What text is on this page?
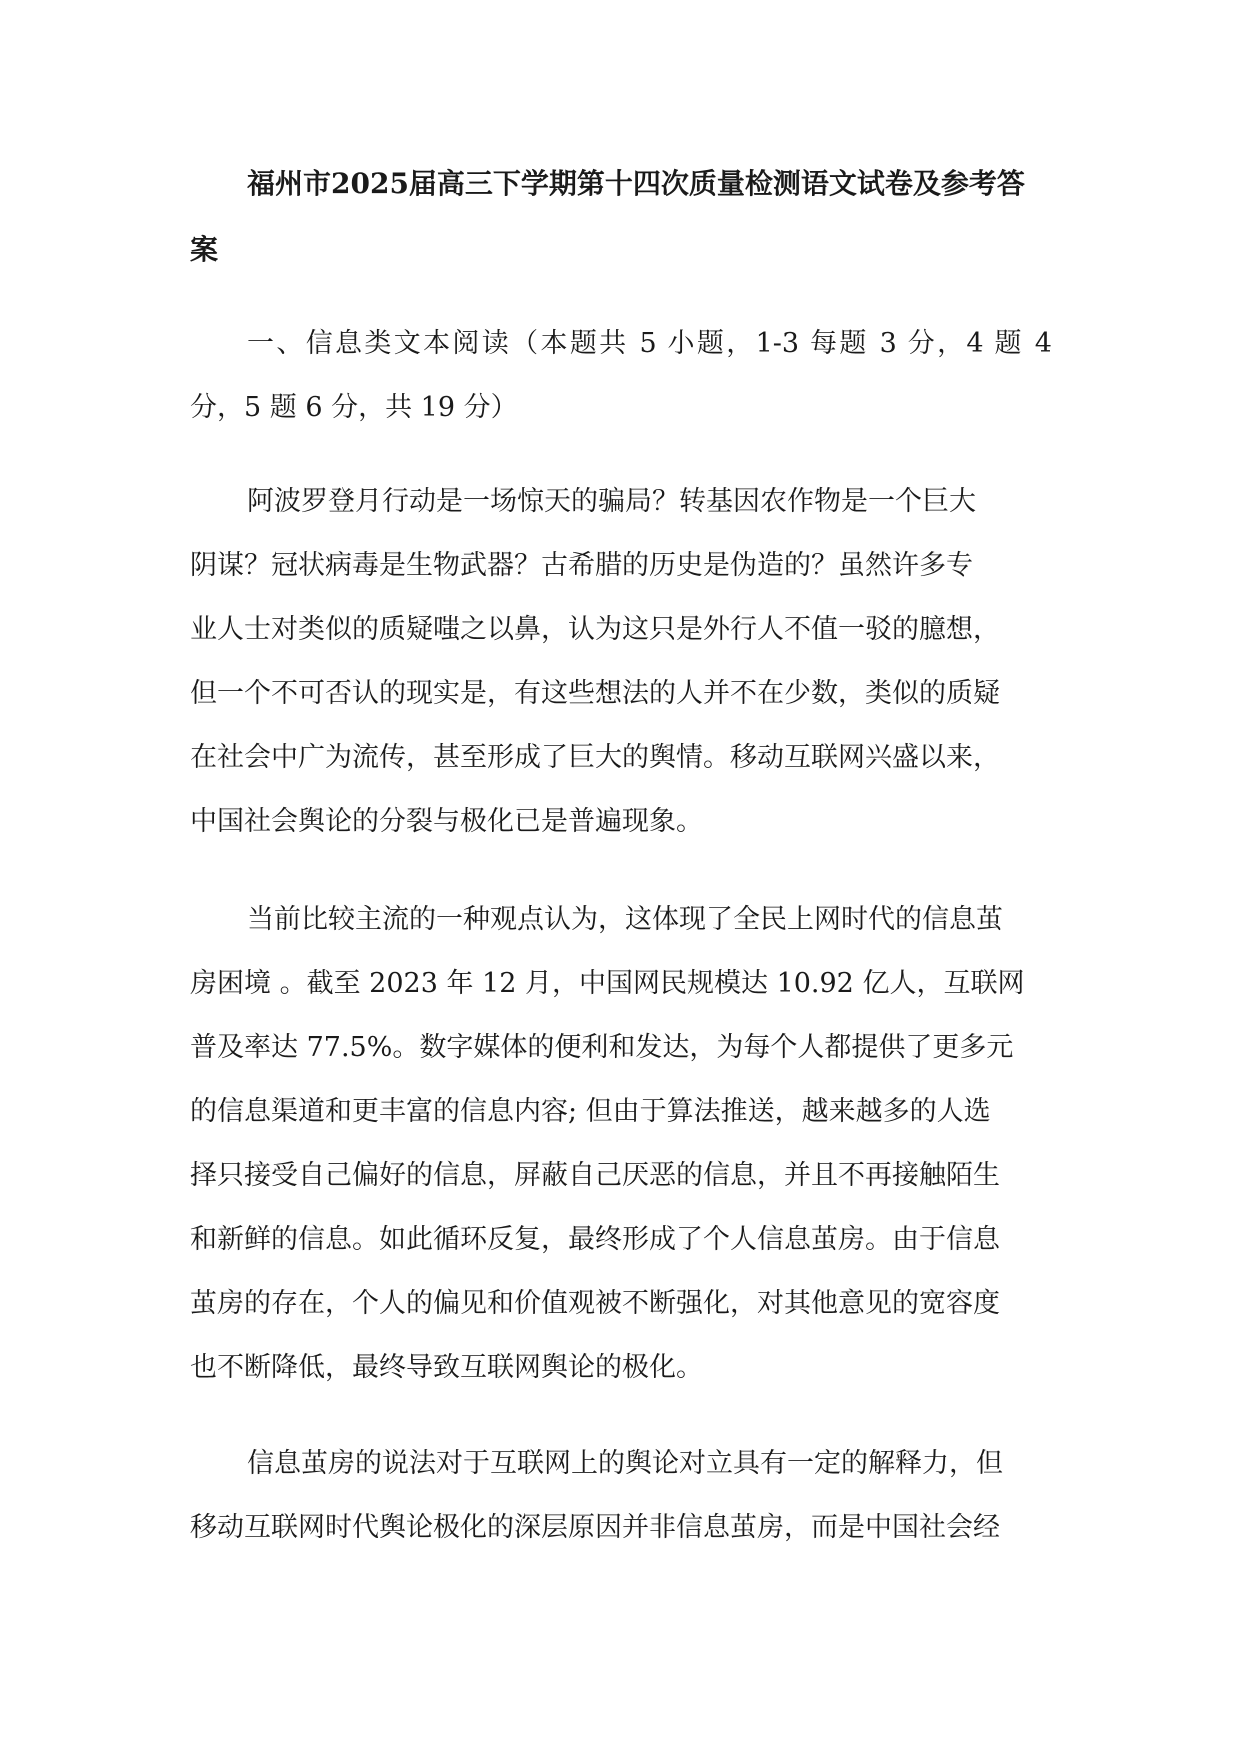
福州市2025届高三下学期第十四次质量检测语文试卷及参考答
案
一、信息类文本阅读（本题共 5 小题，1-3 每题 3 分，4 题 4
分，5 题 6 分，共 19 分）
阿波罗登月行动是一场惊天的骗局？转基因农作物是一个巨大
阴谋？冠状病毒是生物武器？古希腊的历史是伪造的？虽然许多专
业人士对类似的质疑嗤之以鼻，认为这只是外行人不值一驳的臆想，
但一个不可否认的现实是，有这些想法的人并不在少数，类似的质疑
在社会中广为流传，甚至形成了巨大的舆情。移动互联网兴盛以来，
中国社会舆论的分裂与极化已是普遍现象。
当前比较主流的一种观点认为，这体现了全民上网时代的信息茧
房困境 。截至 2023 年 12 月，中国网民规模达 10.92 亿人，互联网
普及率达 77.5%。数字媒体的便利和发达，为每个人都提供了更多元
的信息渠道和更丰富的信息内容; 但由于算法推送，越来越多的人选
择只接受自己偏好的信息，屏蔽自己厌恶的信息，并且不再接触陌生
和新鲜的信息。如此循环反复，最终形成了个人信息茧房。由于信息
茧房的存在，个人的偏见和价值观被不断强化，对其他意见的宽容度
也不断降低，最终导致互联网舆论的极化。
信息茧房的说法对于互联网上的舆论对立具有一定的解释力，但
移动互联网时代舆论极化的深层原因并非信息茧房，而是中国社会经
